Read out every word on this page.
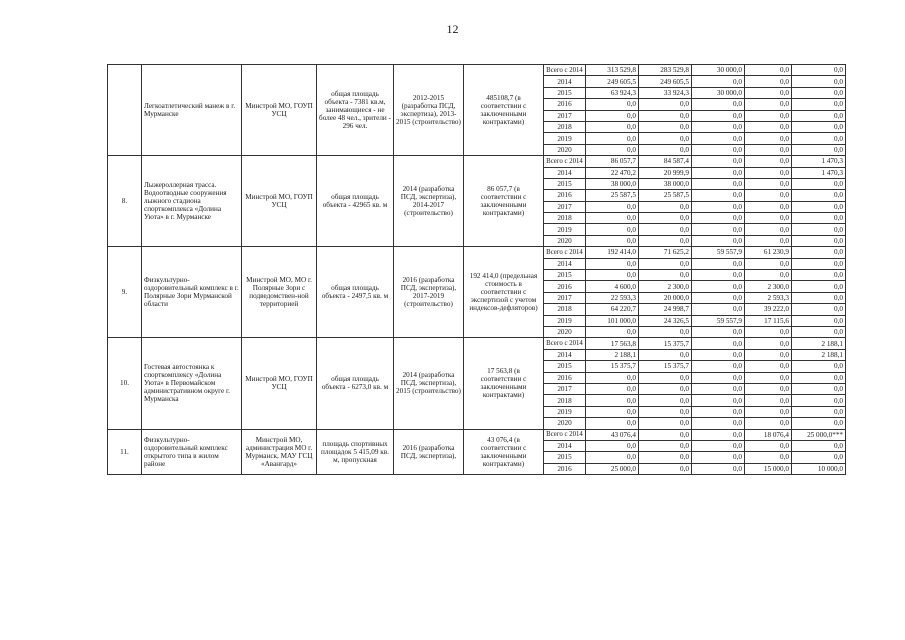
12
	Легкоатлетический манеж в г. Мурманске	Минстрой МО, ГОУП УСЦ	общая площадь объекта - 7381 кв.м, занимающиеся - не более 48 чел., зрители - 296 чел.	2012-2015 (разработка ПСД, экспертиза), 2013-2015 (строительство)	485108,7 (в соответствии с заключенными контрактами)	Всего с 2014	313 529,8	283 529,8	30 000,0	0,0	0,0
						2014	249 605,5	249 605,5	0,0	0,0	0,0
						2015	63 924,3	33 924,3	30 000,0	0,0	0,0
						2016	0,0	0,0	0,0	0,0	0,0
						2017	0,0	0,0	0,0	0,0	0,0
						2018	0,0	0,0	0,0	0,0	0,0
						2019	0,0	0,0	0,0	0,0	0,0
						2020	0,0	0,0	0,0	0,0	0,0
8.	Лыжероллерная трасса. Водоотводные сооружения лыжного стадиона спорткомплекса «Долина Уюта» в г. Мурманске	Минстрой МО, ГОУП УСЦ	общая площадь объекта - 42965 кв. м	2014 (разработка ПСД, экспертиза), 2014-2017 (строительство)	86 057,7 (в соответствии с заключенными контрактами)	Всего с 2014	86 057,7	84 587,4	0,0	0,0	1 470,3
						2014	22 470,2	20 999,9	0,0	0,0	1 470,3
						2015	38 000,0	38 000,0	0,0	0,0	0,0
						2016	25 587,5	25 587,5	0,0	0,0	0,0
						2017	0,0	0,0	0,0	0,0	0,0
						2018	0,0	0,0	0,0	0,0	0,0
						2019	0,0	0,0	0,0	0,0	0,0
						2020	0,0	0,0	0,0	0,0	0,0
9.	Физкультурно-оздоровительный комплекс в г. Полярные Зори Мурманской области	Минстрой МО, МО г. Полярные Зори с подведомствен-ной территорией	общая площадь объекта - 2497,5 кв. м	2016 (разработка ПСД, экспертиза), 2017-2019 (строительство)	192 414,0 (предельная стоимость в соответствии с экспертизой с учетом индексов-дефляторов)	Всего с 2014	192 414,0	71 625,2	59 557,9	61 230,9	0,0
						2014	0,0	0,0	0,0	0,0	0,0
						2015	0,0	0,0	0,0	0,0	0,0
						2016	4 600,0	2 300,0	0,0	2 300,0	0,0
						2017	22 593,3	20 000,0	0,0	2 593,3	0,0
						2018	64 220,7	24 998,7	0,0	39 222,0	0,0
						2019	101 000,0	24 326,5	59 557,9	17 115,6	0,0
						2020	0,0	0,0	0,0	0,0	0,0
10.	Гостевая автостоянка к спорткомплексу «Долина Уюта» в Первомайском административном округе г. Мурманска	Минстрой МО, ГОУП УСЦ	общая площадь объекта - 6273,0 кв. м	2014 (разработка ПСД, экспертиза), 2015 (строительство)	17 563,8 (в соответствии с заключенными контрактами)	Всего с 2014	17 563,8	15 375,7	0,0	0,0	2 188,1
						2014	2 188,1	0,0	0,0	0,0	2 188,1
						2015	15 375,7	15 375,7	0,0	0,0	0,0
						2016	0,0	0,0	0,0	0,0	0,0
						2017	0,0	0,0	0,0	0,0	0,0
						2018	0,0	0,0	0,0	0,0	0,0
						2019	0,0	0,0	0,0	0,0	0,0
						2020	0,0	0,0	0,0	0,0	0,0
11.	Физкультурно-оздоровительный комплекс открытого типа в жилом районе	Минстрой МО, администрация МО г. Мурманск, МАУ ГСЦ «Авангард»	площадь спортивных площадок 5 415,09 кв. м, пропускная	2016 (разработка ПСД, экспертиза),	43 076,4 (в соответствии с заключенными контрактами)	Всего с 2014	43 076,4	0,0	0,0	18 076,4	25 000,0***
						2014	0,0	0,0	0,0	0,0	0,0
						2015	0,0	0,0	0,0	0,0	0,0
						2016	25 000,0	0,0	0,0	15 000,0	10 000,0
